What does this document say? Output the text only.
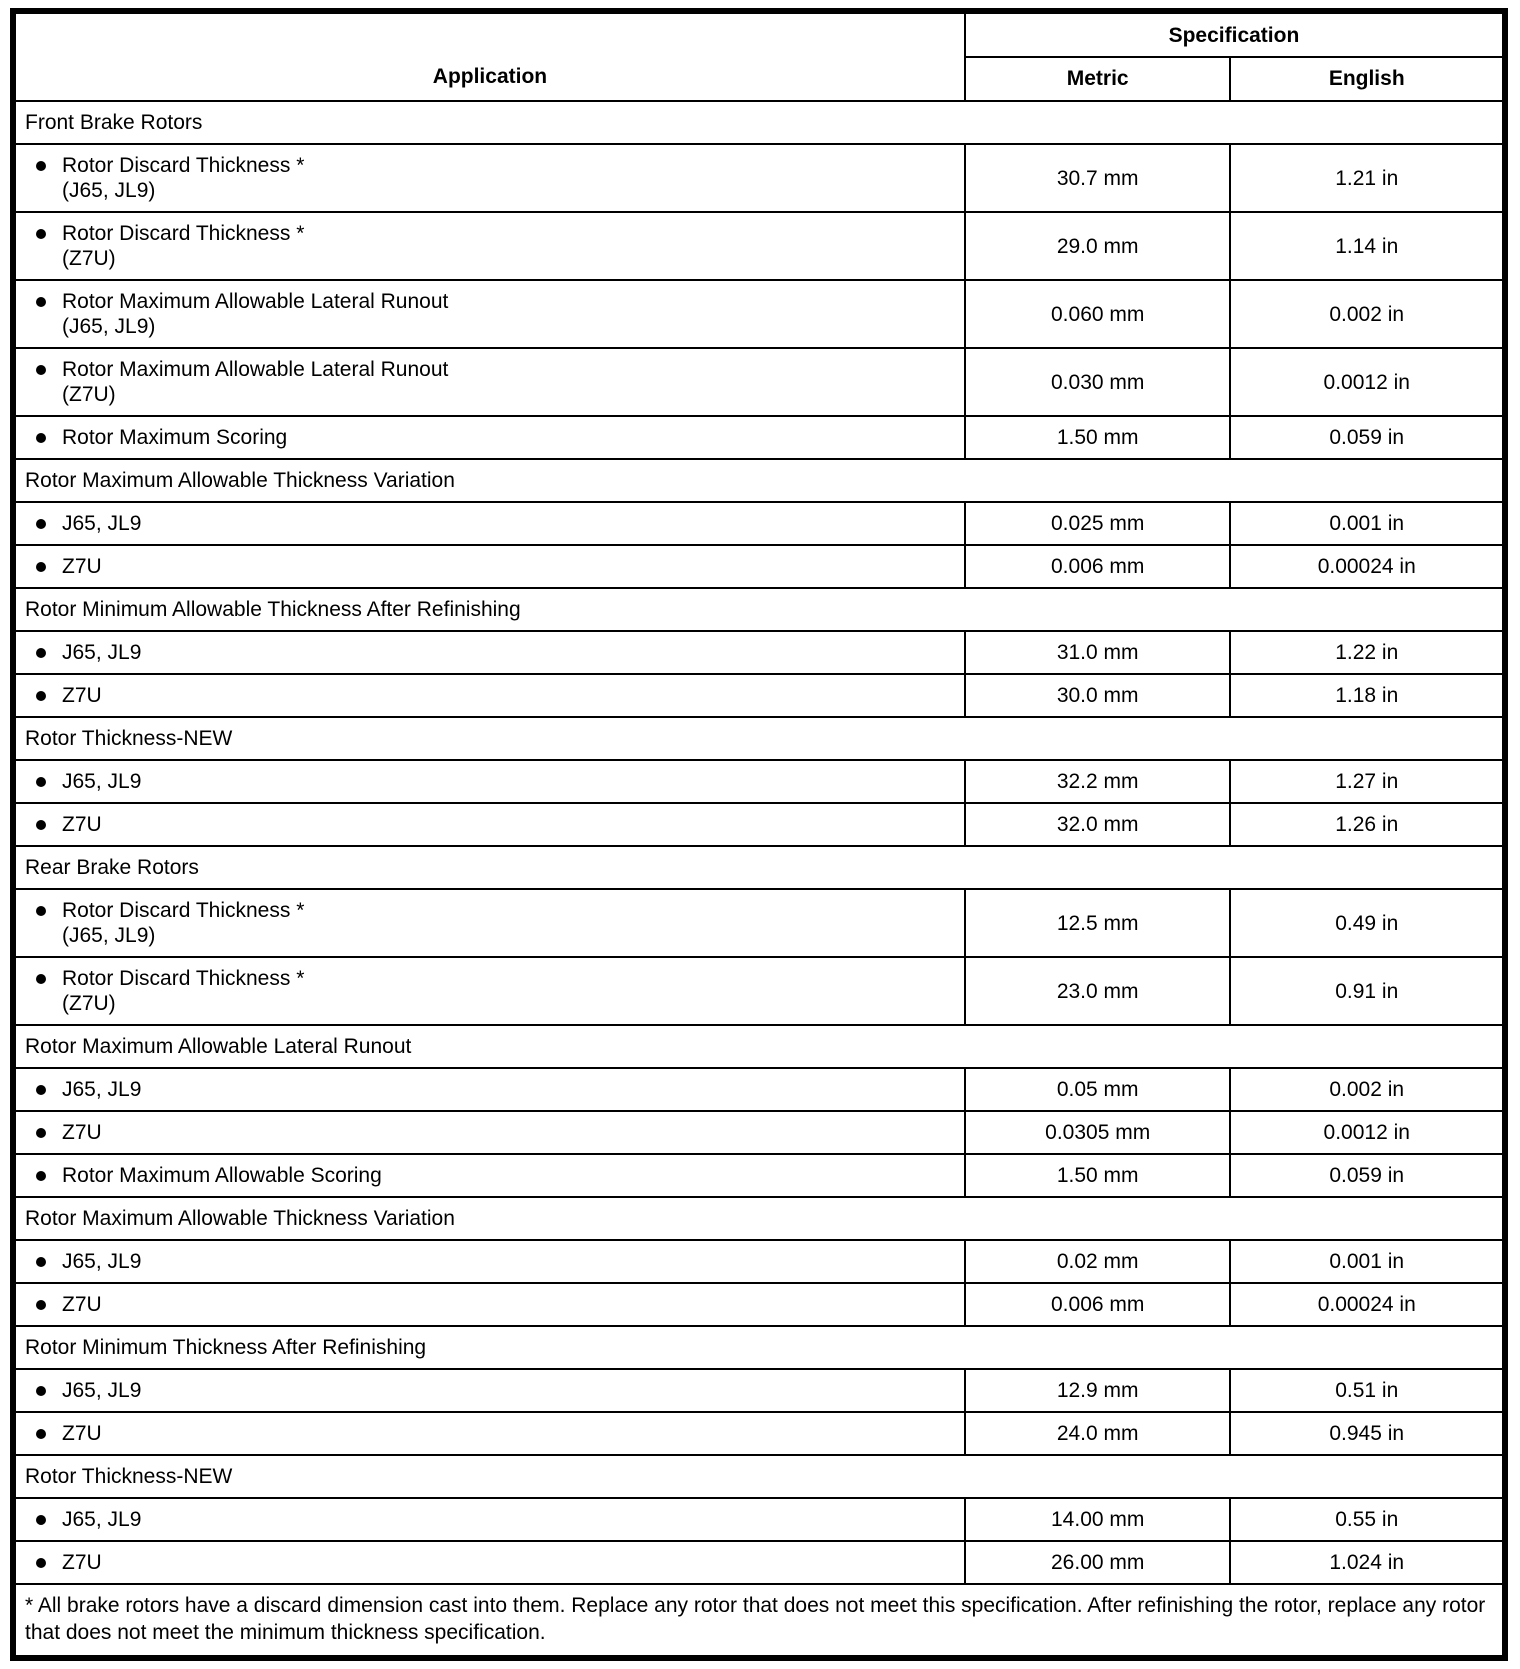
Application	Specification	
	Metric	English
Front Brake Rotors		

Rotor Discard Thickness *
(J65, JL9)	30.7 mm	1.21 in

Rotor Discard Thickness *
(Z7U)	29.0 mm	1.14 in

Rotor Maximum Allowable Lateral Runout
(J65, JL9)	0.060 mm	0.002 in

Rotor Maximum Allowable Lateral Runout
(Z7U)	0.030 mm	0.0012 in

Rotor Maximum Scoring	1.50 mm	0.059 in
Rotor Maximum Allowable Thickness Variation		

J65, JL9	0.025 mm	0.001 in

Z7U	0.006 mm	0.00024 in
Rotor Minimum Allowable Thickness After Refinishing		

J65, JL9	31.0 mm	1.22 in

Z7U	30.0 mm	1.18 in
Rotor Thickness-NEW		

J65, JL9	32.2 mm	1.27 in

Z7U	32.0 mm	1.26 in
Rear Brake Rotors		

Rotor Discard Thickness *
(J65, JL9)	12.5 mm	0.49 in

Rotor Discard Thickness *
(Z7U)	23.0 mm	0.91 in
Rotor Maximum Allowable Lateral Runout		

J65, JL9	0.05 mm	0.002 in

Z7U	0.0305 mm	0.0012 in

Rotor Maximum Allowable Scoring	1.50 mm	0.059 in
Rotor Maximum Allowable Thickness Variation		

J65, JL9	0.02 mm	0.001 in

Z7U	0.006 mm	0.00024 in
Rotor Minimum Thickness After Refinishing		

J65, JL9	12.9 mm	0.51 in

Z7U	24.0 mm	0.945 in
Rotor Thickness-NEW		

J65, JL9	14.00 mm	0.55 in

Z7U	26.00 mm	1.024 in
* All brake rotors have a discard dimension cast into them. Replace any rotor that does not meet this specification. After refinishing the rotor, replace any rotor that does not meet the minimum thickness specification.		
